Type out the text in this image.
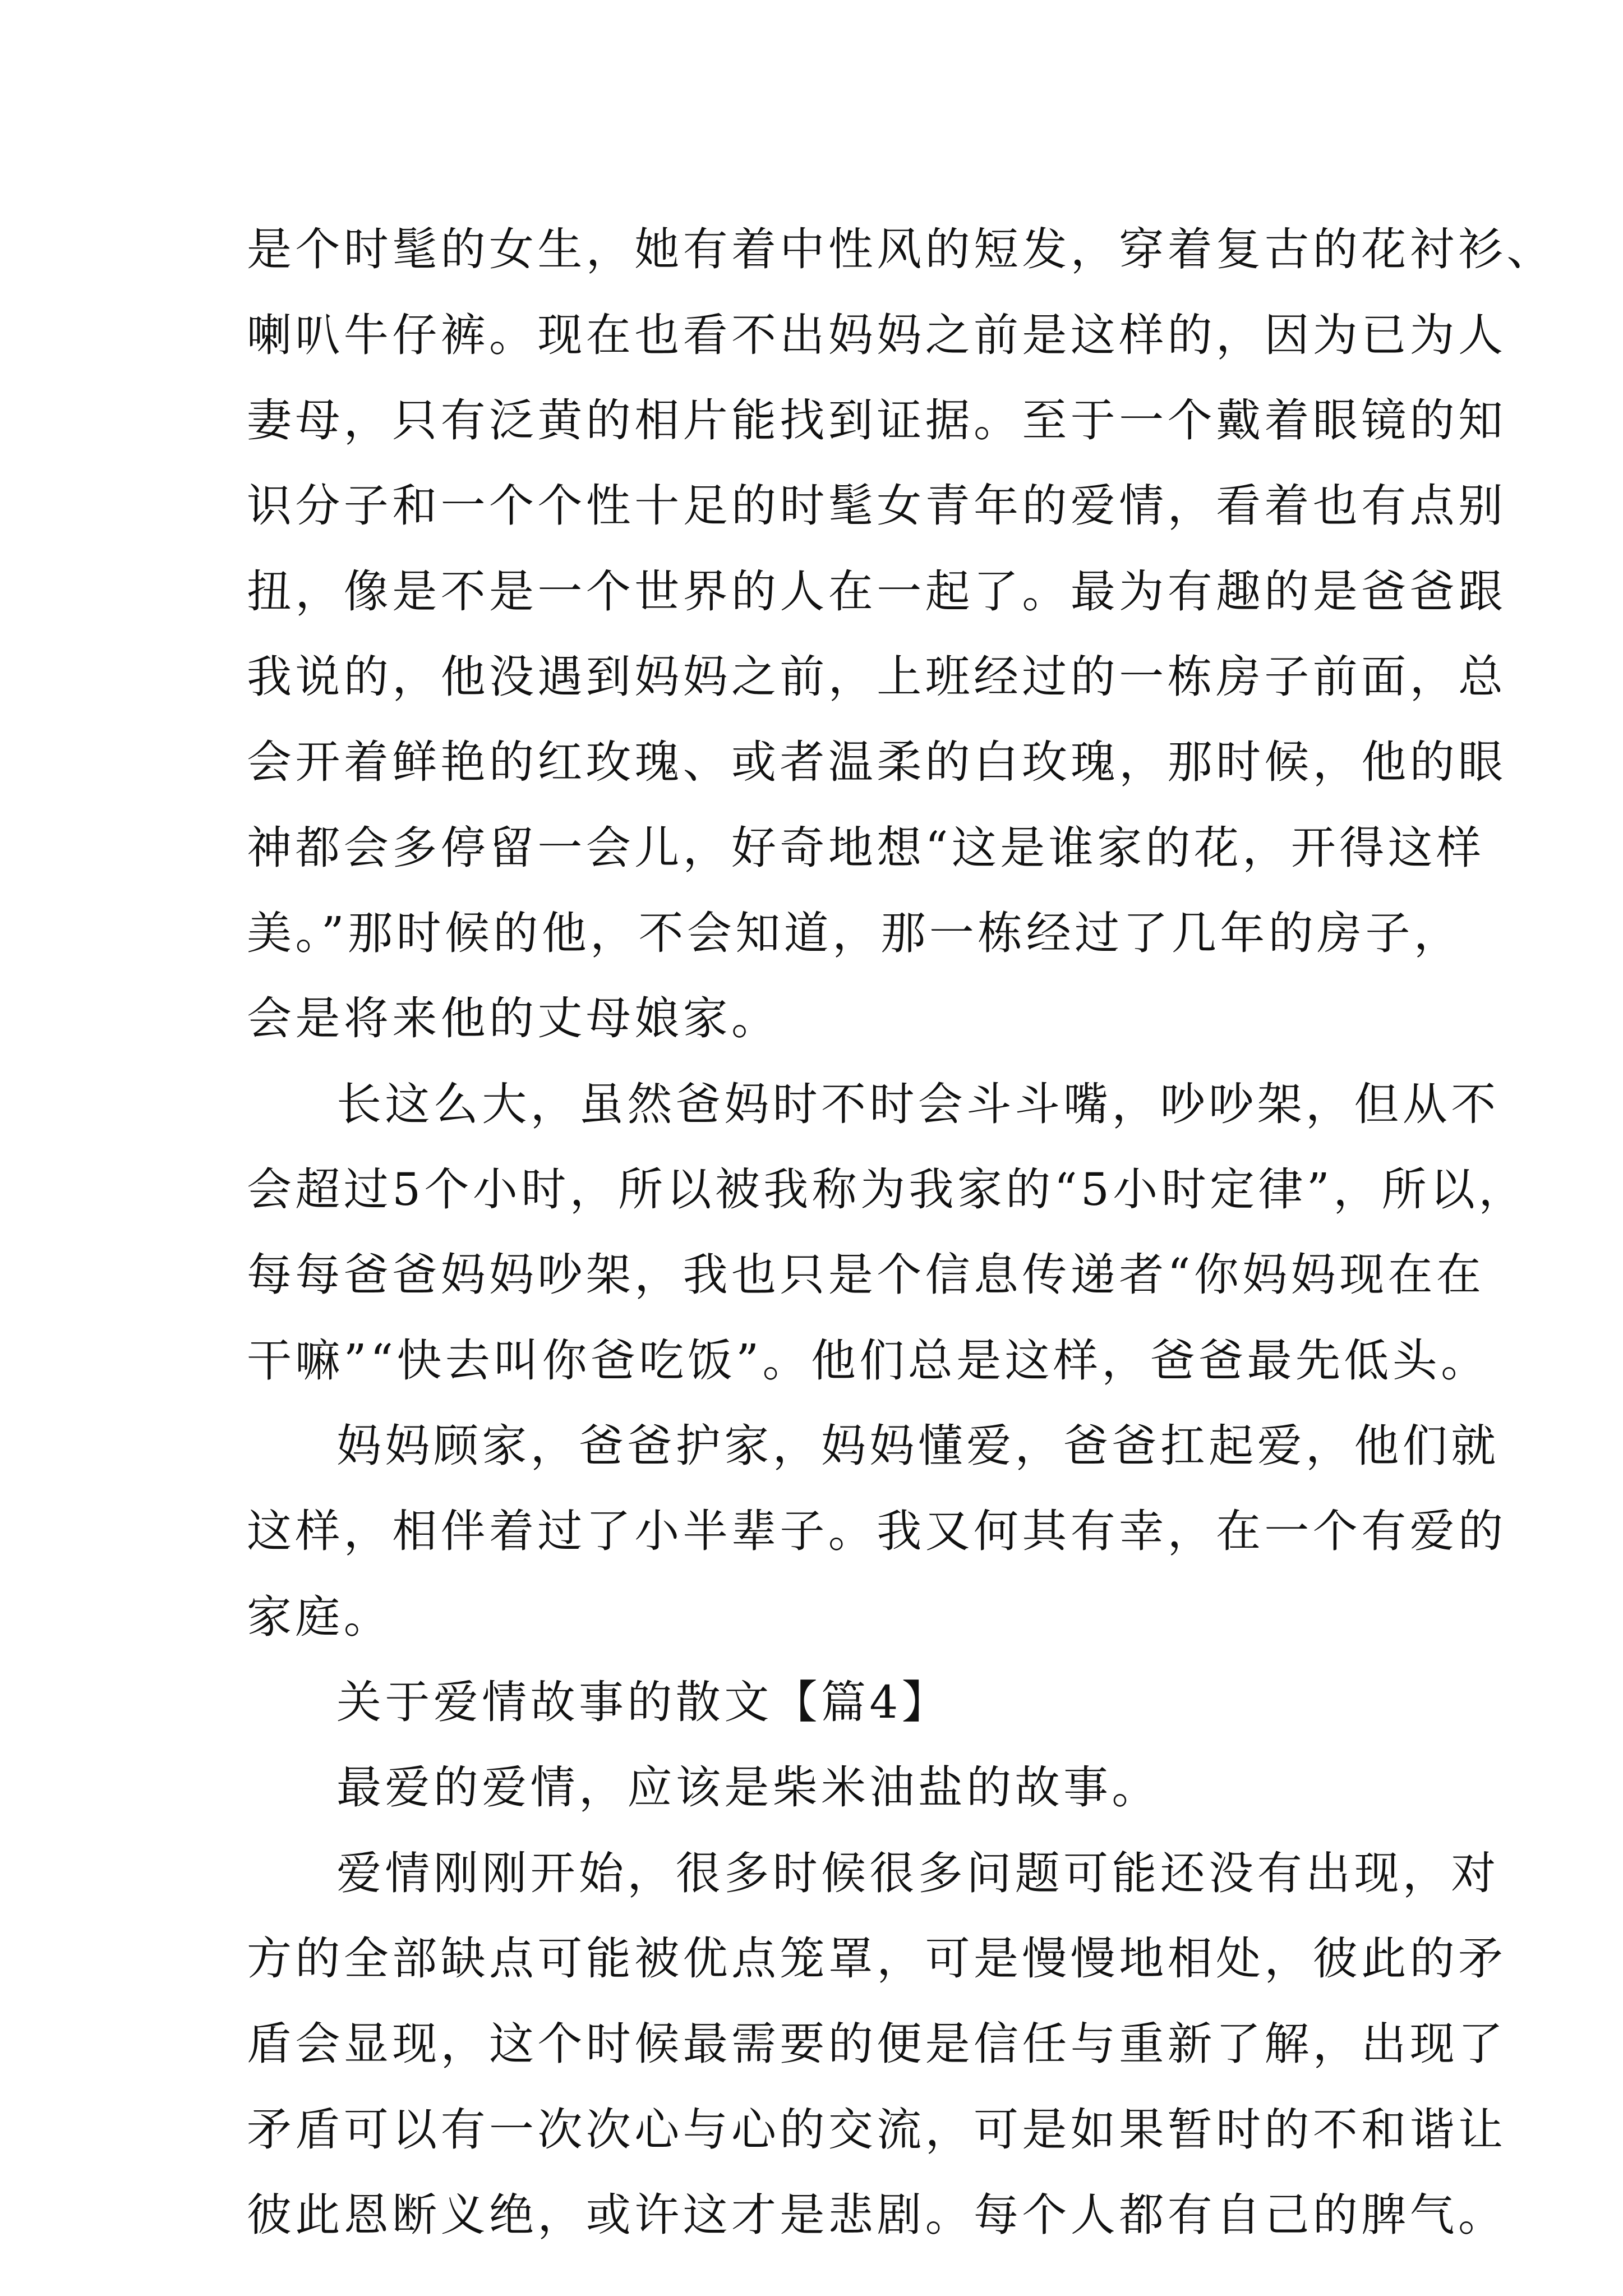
是个时髦的女生，她有着中性风的短发，穿着复古的花衬衫、
喇叭牛仔裤。现在也看不出妈妈之前是这样的，因为已为人
妻母，只有泛黄的相片能找到证据。至于一个戴着眼镜的知
识分子和一个个性十足的时髦女青年的爱情，看着也有点别
扭，像是不是一个世界的人在一起了。最为有趣的是爸爸跟
我说的，他没遇到妈妈之前，上班经过的一栋房子前面，总
会开着鲜艳的红玫瑰、或者温柔的白玫瑰，那时候，他的眼
神都会多停留一会儿，好奇地想“这是谁家的花，开得这样
美。”那时候的他，不会知道，那一栋经过了几年的房子，
会是将来他的丈母娘家。
长这么大，虽然爸妈时不时会斗斗嘴，吵吵架，但从不
会超过5个小时，所以被我称为我家的“5小时定律”，所以，
每每爸爸妈妈吵架，我也只是个信息传递者“你妈妈现在在
干嘛”“快去叫你爸吃饭”。他们总是这样，爸爸最先低头。
妈妈顾家，爸爸护家，妈妈懂爱，爸爸扛起爱，他们就
这样，相伴着过了小半辈子。我又何其有幸，在一个有爱的
家庭。
关于爱情故事的散文【篇4】
最爱的爱情，应该是柴米油盐的故事。
爱情刚刚开始，很多时候很多问题可能还没有出现，对
方的全部缺点可能被优点笼罩，可是慢慢地相处，彼此的矛
盾会显现，这个时候最需要的便是信任与重新了解，出现了
矛盾可以有一次次心与心的交流，可是如果暂时的不和谐让
彼此恩断义绝，或许这才是悲剧。每个人都有自己的脾气。
